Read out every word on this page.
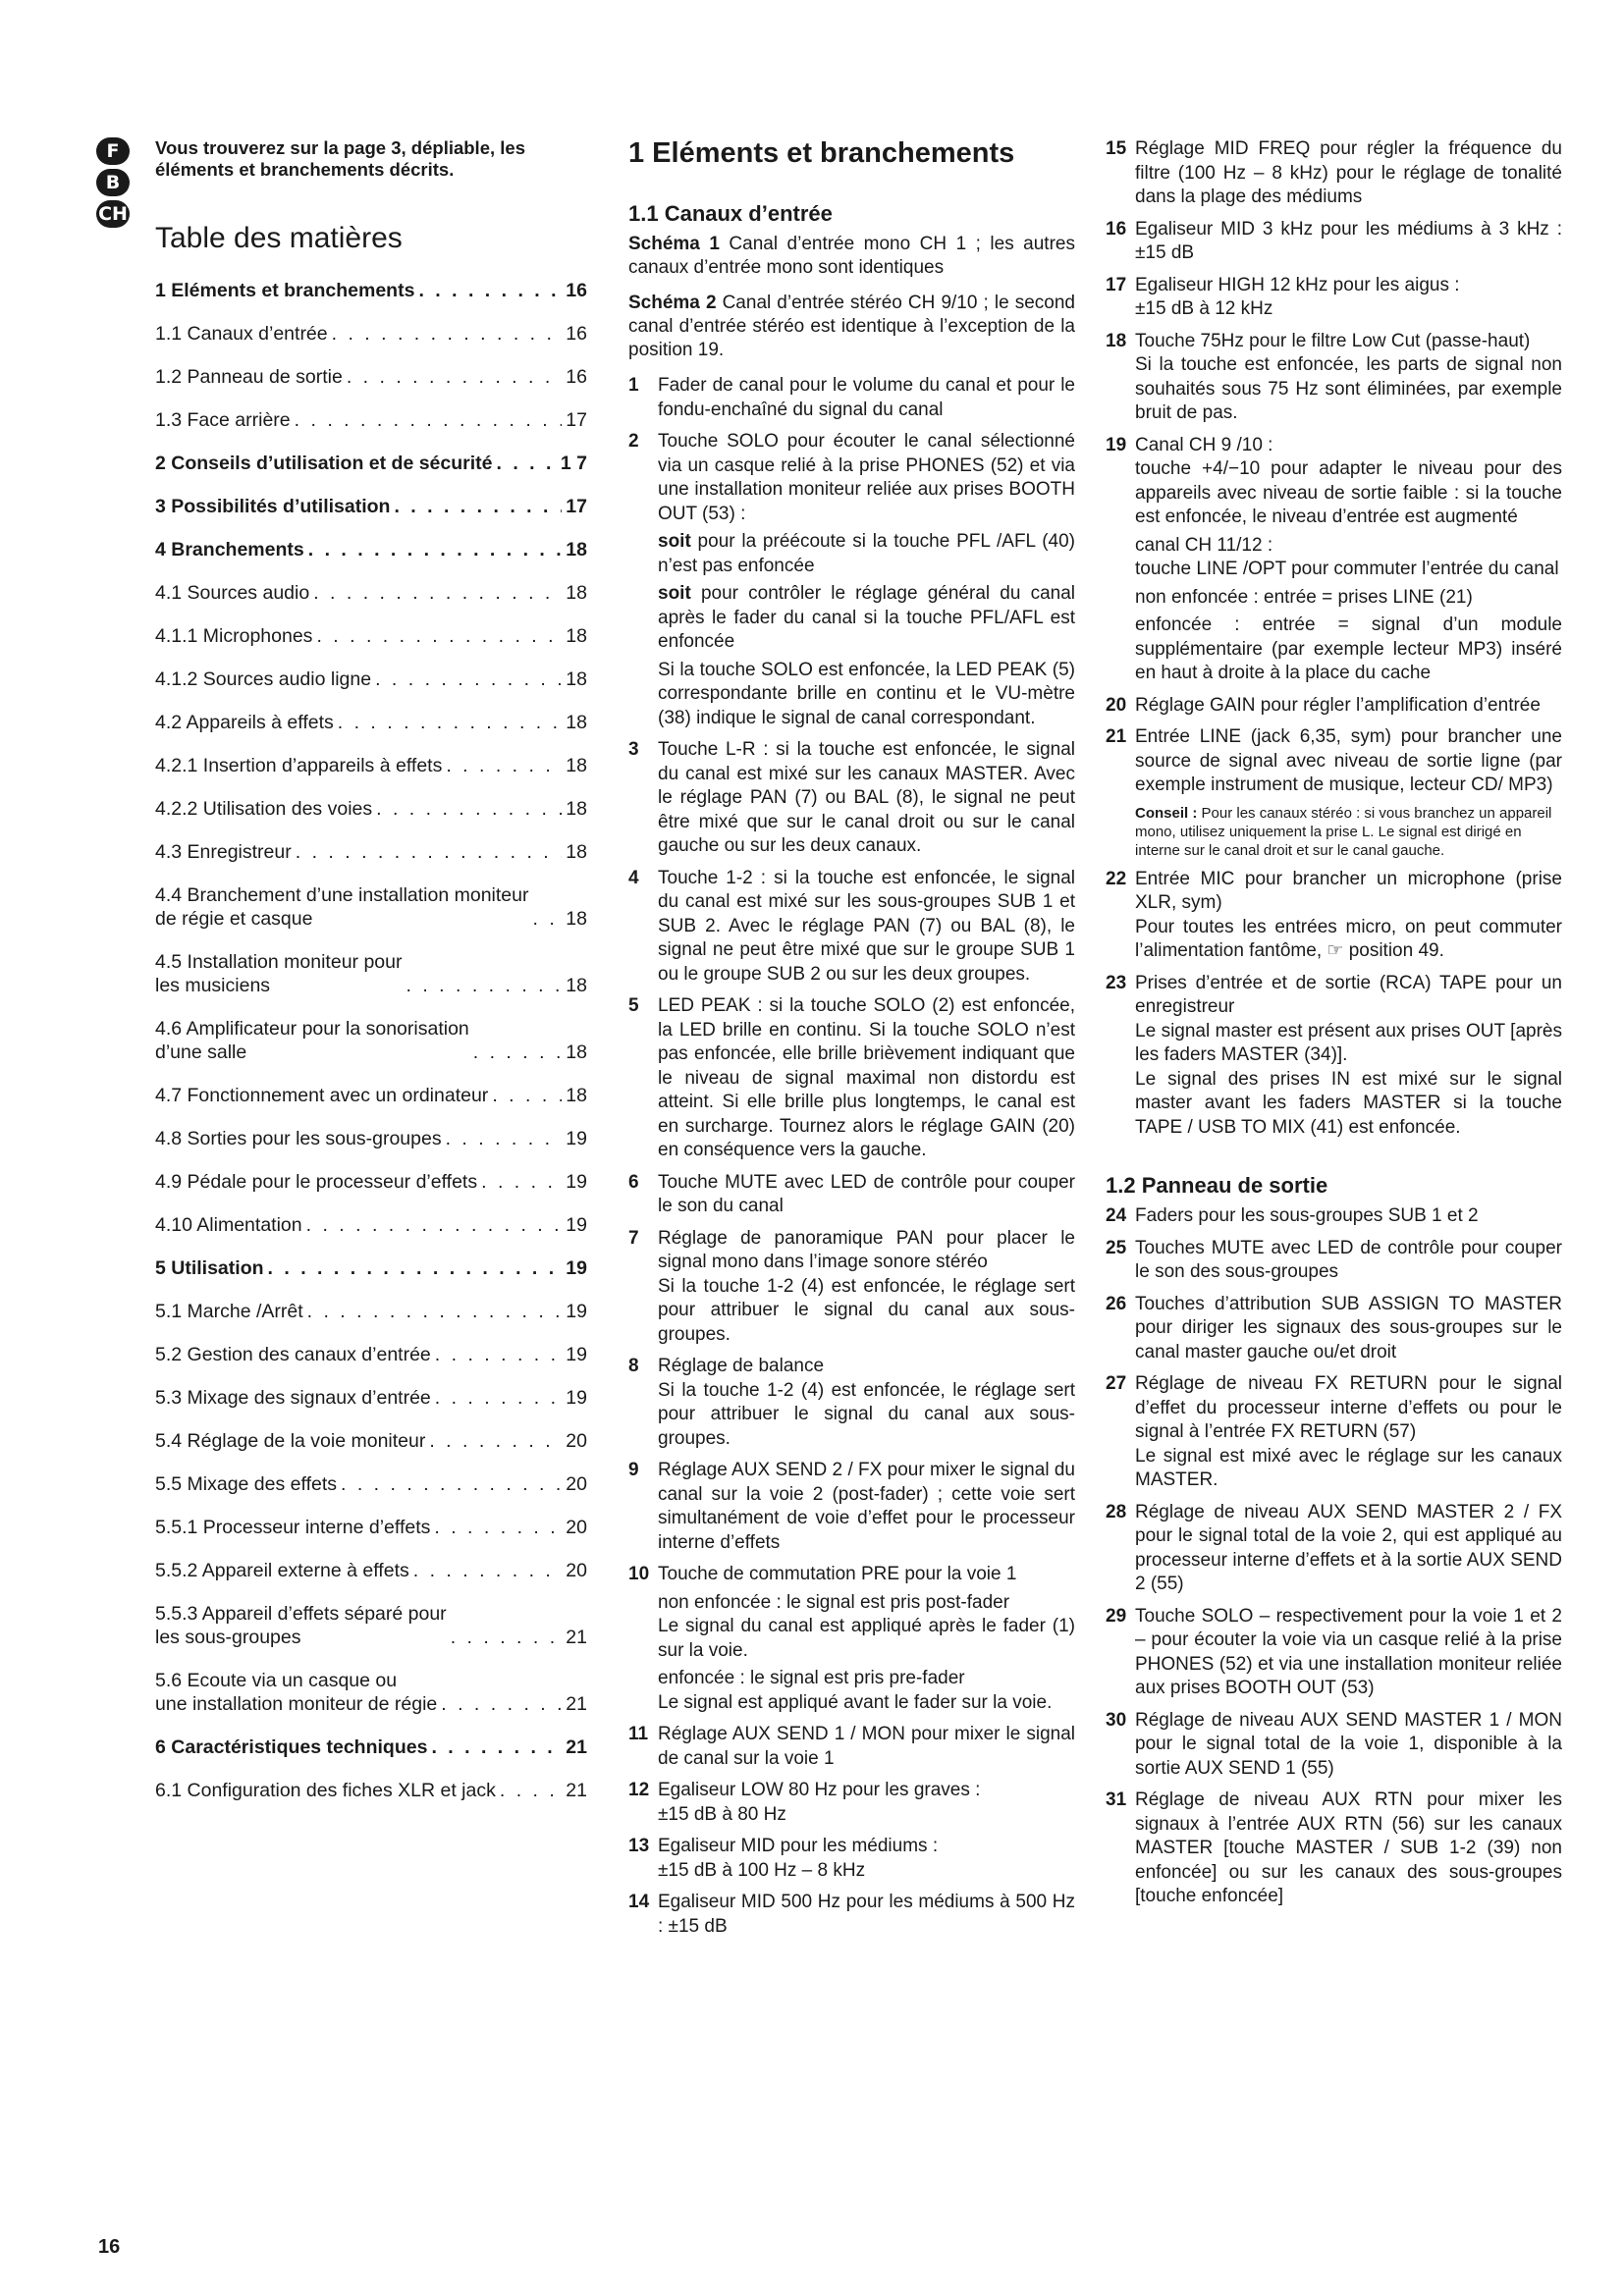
F
B
CH

Vous trouverez sur la page 3, dépliable, les éléments et branchements décrits.

Table des matières
1 Eléments et branchements . . .	16
1.1 Canaux d’entrée . . .	16
1.2 Panneau de sortie . . .	16
1.3 Face arrière . . .	17
2 Conseils d’utilisation et de sécurité . . .	1 7
3 Possibilités d’utilisation . . .	17
4 Branchements . . .	18
4.1 Sources audio . . .	18
4.1.1 Microphones . . .	18
4.1.2 Sources audio ligne . . .	18
4.2 Appareils à effets . . .	18
4.2.1 Insertion d’appareils à effets . . .	18
4.2.2 Utilisation des voies . . .	18
4.3 Enregistreur . . .	18
4.4 Branchement d’une installation moniteur
de régie et casque . . .	18
4.5 Installation moniteur pour
les musiciens . . .	18
4.6 Amplificateur pour la sonorisation
d’une salle . . .	18
4.7 Fonctionnement avec un ordinateur . . .	18
4.8 Sorties pour les sous-groupes . . .	19
4.9 Pédale pour le processeur d’effets . . .	19
4.10 Alimentation . . .	19
5 Utilisation . . .	19
5.1 Marche /Arrêt . . .	19
5.2 Gestion des canaux d’entrée . . .	19
5.3 Mixage des signaux d’entrée . . .	19
5.4 Réglage de la voie moniteur . . .	20
5.5 Mixage des effets . . .	20
5.5.1 Processeur interne d’effets . . .	20
5.5.2 Appareil externe à effets . . .	20
5.5.3 Appareil d’effets séparé pour
les sous-groupes . . .	21
5.6 Ecoute via un casque ou
une installation moniteur de régie . . .	21
6 Caractéristiques techniques . . .	21
6.1 Configuration des fiches XLR et jack . . .	21
1 Eléments et branchements
1.1 Canaux d’entrée

Schéma 1 Canal d’entrée mono CH 1 ; les autres canaux d’entrée mono sont identiques

Schéma 2 Canal d’entrée stéréo CH 9/10 ; le second canal d’entrée stéréo est identique à l’exception de la position 19.

1 Fader de canal pour le volume du canal et pour le fondu-enchaîné du signal du canal
2 Touche SOLO pour écouter le canal sélectionné via un casque relié à la prise PHONES (52) et via une installation moniteur reliée aux prises BOOTH OUT (53) :
soit pour la préécoute si la touche PFL /AFL (40) n’est pas enfoncée
soit pour contrôler le réglage général du canal après le fader du canal si la touche PFL/AFL est enfoncée
Si la touche SOLO est enfoncée, la LED PEAK (5) correspondante brille en continu et le VU-mètre (38) indique le signal de canal correspondant.
3 Touche L-R : si la touche est enfoncée, le signal du canal est mixé sur les canaux MASTER. Avec le réglage PAN (7) ou BAL (8), le signal ne peut être mixé que sur le canal droit ou sur le canal gauche ou sur les deux canaux.
4 Touche 1-2 : si la touche est enfoncée, le signal du canal est mixé sur les sous-groupes SUB 1 et SUB 2. Avec le réglage PAN (7) ou BAL (8), le signal ne peut être mixé que sur le groupe SUB 1 ou le groupe SUB 2 ou sur les deux groupes.
5 LED PEAK : si la touche SOLO (2) est enfoncée, la LED brille en continu. Si la touche SOLO n’est pas enfoncée, elle brille brièvement indiquant que le niveau de signal maximal non distordu est atteint. Si elle brille plus longtemps, le canal est en surcharge. Tournez alors le réglage GAIN (20) en conséquence vers la gauche.
6 Touche MUTE avec LED de contrôle pour couper le son du canal
7 Réglage de panoramique PAN pour placer le signal mono dans l’image sonore stéréo
Si la touche 1-2 (4) est enfoncée, le réglage sert pour attribuer le signal du canal aux sous-groupes.
8 Réglage de balance
Si la touche 1-2 (4) est enfoncée, le réglage sert pour attribuer le signal du canal aux sous-groupes.
9 Réglage AUX SEND 2 / FX pour mixer le signal du canal sur la voie 2 (post-fader) ; cette voie sert simultanément de voie d’effet pour le processeur interne d’effets
10 Touche de commutation PRE pour la voie 1
non enfoncée : le signal est pris post-fader
Le signal du canal est appliqué après le fader (1) sur la voie.
enfoncée : le signal est pris pre-fader
Le signal est appliqué avant le fader sur la voie.
11 Réglage AUX SEND 1 / MON pour mixer le signal de canal sur la voie 1
12 Egaliseur LOW 80 Hz pour les graves :
±15 dB à 80 Hz
13 Egaliseur MID pour les médiums :
±15 dB à 100 Hz – 8 kHz
14 Egaliseur MID 500 Hz pour les médiums à 500 Hz : ±15 dB
15 Réglage MID FREQ pour régler la fréquence du filtre (100 Hz – 8 kHz) pour le réglage de tonalité dans la plage des médiums
16 Egaliseur MID 3 kHz pour les médiums à 3 kHz : ±15 dB
17 Egaliseur HIGH 12 kHz pour les aigus :
±15 dB à 12 kHz
18 Touche 75Hz pour le filtre Low Cut (passe-haut)
Si la touche est enfoncée, les parts de signal non souhaités sous 75 Hz sont éliminées, par exemple bruit de pas.
19 Canal CH 9 /10 :
touche +4/−10 pour adapter le niveau pour des appareils avec niveau de sortie faible : si la touche est enfoncée, le niveau d’entrée est augmenté
canal CH 11/12 :
touche LINE /OPT pour commuter l’entrée du canal
non enfoncée : entrée = prises LINE (21)
enfoncée : entrée = signal d’un module supplémentaire (par exemple lecteur MP3) inséré en haut à droite à la place du cache
20 Réglage GAIN pour régler l’amplification d’entrée
21 Entrée LINE (jack 6,35, sym) pour brancher une source de signal avec niveau de sortie ligne (par exemple instrument de musique, lecteur CD/ MP3)
Conseil : Pour les canaux stéréo : si vous branchez un appareil mono, utilisez uniquement la prise L. Le signal est dirigé en interne sur le canal droit et sur le canal gauche.
22 Entrée MIC pour brancher un microphone (prise XLR, sym)
Pour toutes les entrées micro, on peut commuter l’alimentation fantôme, ☞ position 49.
23 Prises d’entrée et de sortie (RCA) TAPE pour un enregistreur
Le signal master est présent aux prises OUT [après les faders MASTER (34)].
Le signal des prises IN est mixé sur le signal master avant les faders MASTER si la touche TAPE / USB TO MIX (41) est enfoncée.
1.2 Panneau de sortie
24 Faders pour les sous-groupes SUB 1 et 2
25 Touches MUTE avec LED de contrôle pour couper le son des sous-groupes
26 Touches d’attribution SUB ASSIGN TO MASTER pour diriger les signaux des sous-groupes sur le canal master gauche ou/et droit
27 Réglage de niveau FX RETURN pour le signal d’effet du processeur interne d’effets ou pour le signal à l’entrée FX RETURN (57)
Le signal est mixé avec le réglage sur les canaux MASTER.
28 Réglage de niveau AUX SEND MASTER 2 / FX pour le signal total de la voie 2, qui est appliqué au processeur interne d’effets et à la sortie AUX SEND 2 (55)
29 Touche SOLO – respectivement pour la voie 1 et 2 – pour écouter la voie via un casque relié à la prise PHONES (52) et via une installation moniteur reliée aux prises BOOTH OUT (53)
30 Réglage de niveau AUX SEND MASTER 1 / MON pour le signal total de la voie 1, disponible à la sortie AUX SEND 1 (55)
31 Réglage de niveau AUX RTN pour mixer les signaux à l’entrée AUX RTN (56) sur les canaux MASTER [touche MASTER / SUB 1-2 (39) non enfoncée] ou sur les canaux des sous-groupes [touche enfoncée]
16
